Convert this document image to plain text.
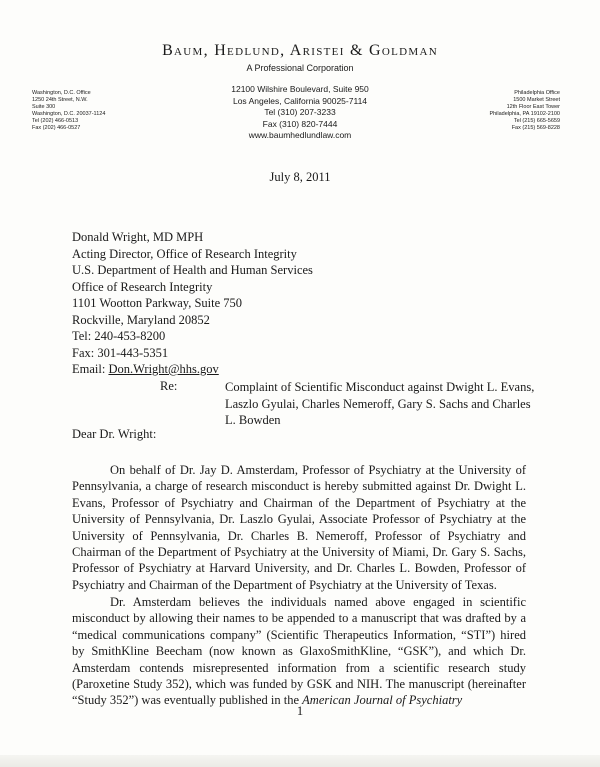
Baum, Hedlund, Aristei & Goldman
A Professional Corporation
Washington, D.C. Office
1250 24th Street, N.W.
Suite 300
Washington, D.C. 20037-1124
Tel (202) 466-0513
Fax (202) 466-0527
12100 Wilshire Boulevard, Suite 950
Los Angeles, California 90025-7114
Tel (310) 207-3233
Fax (310) 820-7444
www.baumhedlundlaw.com
Philadelphia Office
1500 Market Street
12th Floor East Tower
Philadelphia, PA 19102-2100
Tel (215) 665-5659
Fax (215) 569-8228
July 8, 2011
Donald Wright, MD MPH
Acting Director, Office of Research Integrity
U.S. Department of Health and Human Services
Office of Research Integrity
1101 Wootton Parkway, Suite 750
Rockville, Maryland 20852
Tel: 240-453-8200
Fax: 301-443-5351
Email: Don.Wright@hhs.gov
Re:	Complaint of Scientific Misconduct against Dwight L. Evans, Laszlo Gyulai, Charles Nemeroff, Gary S. Sachs and Charles L. Bowden
Dear Dr. Wright:
On behalf of Dr. Jay D. Amsterdam, Professor of Psychiatry at the University of Pennsylvania, a charge of research misconduct is hereby submitted against Dr. Dwight L. Evans, Professor of Psychiatry and Chairman of the Department of Psychiatry at the University of Pennsylvania, Dr. Laszlo Gyulai, Associate Professor of Psychiatry at the University of Pennsylvania, Dr. Charles B. Nemeroff, Professor of Psychiatry and Chairman of the Department of Psychiatry at the University of Miami, Dr. Gary S. Sachs, Professor of Psychiatry at Harvard University, and Dr. Charles L. Bowden, Professor of Psychiatry and Chairman of the Department of Psychiatry at the University of Texas.
Dr. Amsterdam believes the individuals named above engaged in scientific misconduct by allowing their names to be appended to a manuscript that was drafted by a “medical communications company” (Scientific Therapeutics Information, “STI”) hired by SmithKline Beecham (now known as GlaxoSmithKline, “GSK”), and which Dr. Amsterdam contends misrepresented information from a scientific research study (Paroxetine Study 352), which was funded by GSK and NIH. The manuscript (hereinafter “Study 352”) was eventually published in the American Journal of Psychiatry
1
